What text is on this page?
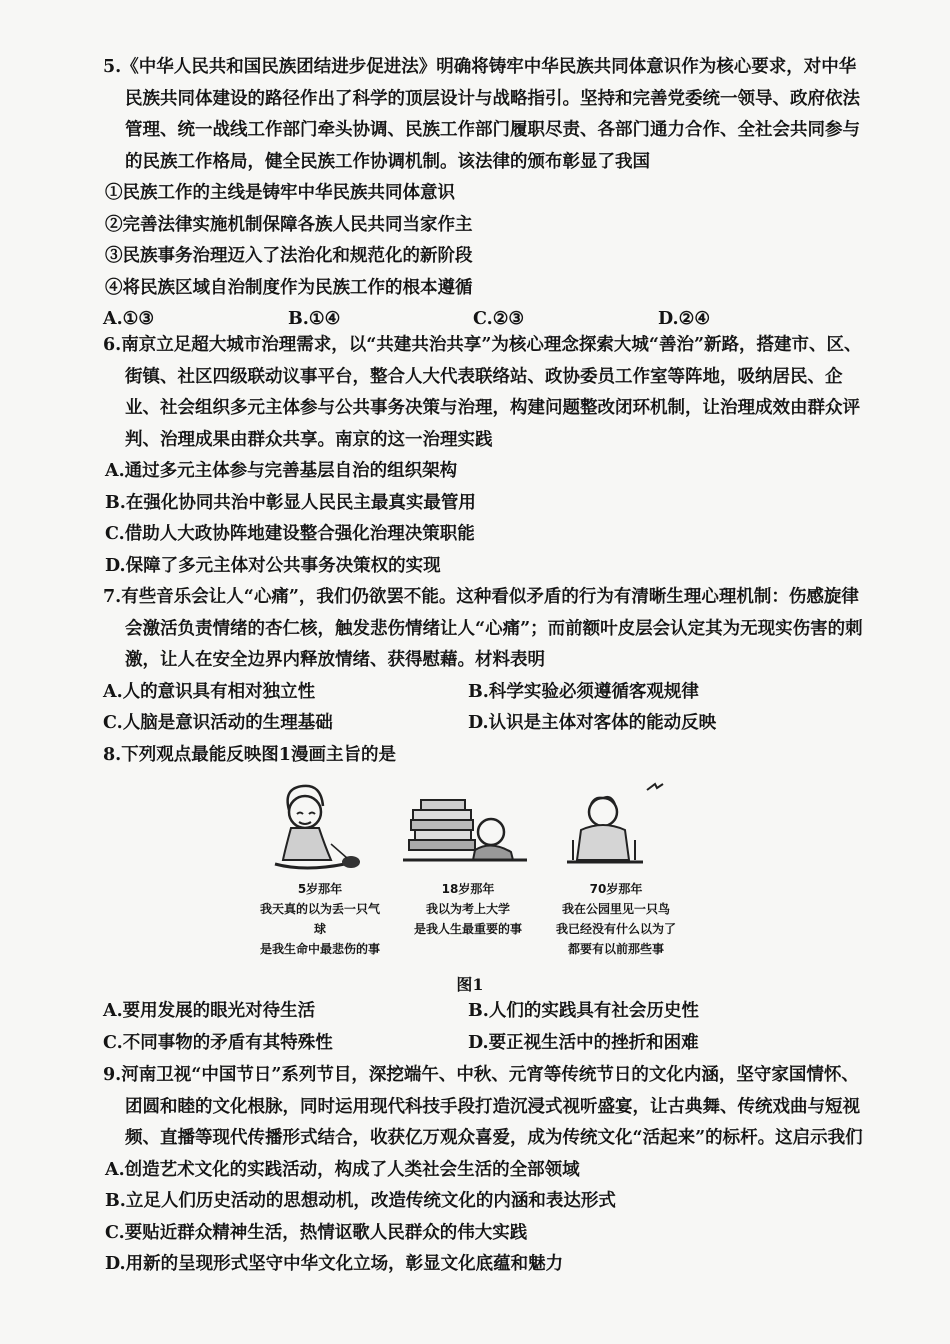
5.《中华人民共和国民族团结进步促进法》明确将铸牢中华民族共同体意识作为核心要求，对中华民族共同体建设的路径作出了科学的顶层设计与战略指引。坚持和完善党委统一领导、政府依法管理、统一战线工作部门牵头协调、民族工作部门履职尽责、各部门通力合作、全社会共同参与的民族工作格局，健全民族工作协调机制。该法律的颁布彰显了我国

①民族工作的主线是铸牢中华民族共同体意识

②完善法律实施机制保障各族人民共同当家作主

③民族事务治理迈入了法治化和规范化的新阶段

④将民族区域自治制度作为民族工作的根本遵循

A.①③	B.①④	C.②③	D.②④

6.南京立足超大城市治理需求，以“共建共治共享”为核心理念探索大城“善治”新路，搭建市、区、街镇、社区四级联动议事平台，整合人大代表联络站、政协委员工作室等阵地，吸纳居民、企业、社会组织多元主体参与公共事务决策与治理，构建问题整改闭环机制，让治理成效由群众评判、治理成果由群众共享。南京的这一治理实践

A.通过多元主体参与完善基层自治的组织架构

B.在强化协同共治中彰显人民民主最真实最管用

C.借助人大政协阵地建设整合强化治理决策职能

D.保障了多元主体对公共事务决策权的实现

7.有些音乐会让人“心痛”，我们仍欲罢不能。这种看似矛盾的行为有清晰生理心理机制：伤感旋律会激活负责情绪的杏仁核，触发悲伤情绪让人“心痛”；而前额叶皮层会认定其为无现实伤害的刺激，让人在安全边界内释放情绪、获得慰藉。材料表明

A.人的意识具有相对独立性	B.科学实验必须遵循客观规律
C.人脑是意识活动的生理基础	D.认识是主体对客体的能动反映

8.下列观点最能反映图1漫画主旨的是

5岁那年
我天真的以为丢一只气球
是我生命中最悲伤的事
18岁那年
我以为考上大学
是我人生最重要的事
70岁那年
我在公园里见一只鸟
我已经没有什么以为了
都要有以前那些事
图1
A.要用发展的眼光对待生活	B.人们的实践具有社会历史性
C.不同事物的矛盾有其特殊性	D.要正视生活中的挫折和困难

9.河南卫视“中国节日”系列节目，深挖端午、中秋、元宵等传统节日的文化内涵，坚守家国情怀、团圆和睦的文化根脉，同时运用现代科技手段打造沉浸式视听盛宴，让古典舞、传统戏曲与短视频、直播等现代传播形式结合，收获亿万观众喜爱，成为传统文化“活起来”的标杆。这启示我们

A.创造艺术文化的实践活动，构成了人类社会生活的全部领域

B.立足人们历史活动的思想动机，改造传统文化的内涵和表达形式

C.要贴近群众精神生活，热情讴歌人民群众的伟大实践

D.用新的呈现形式坚守中华文化立场，彰显文化底蕴和魅力
